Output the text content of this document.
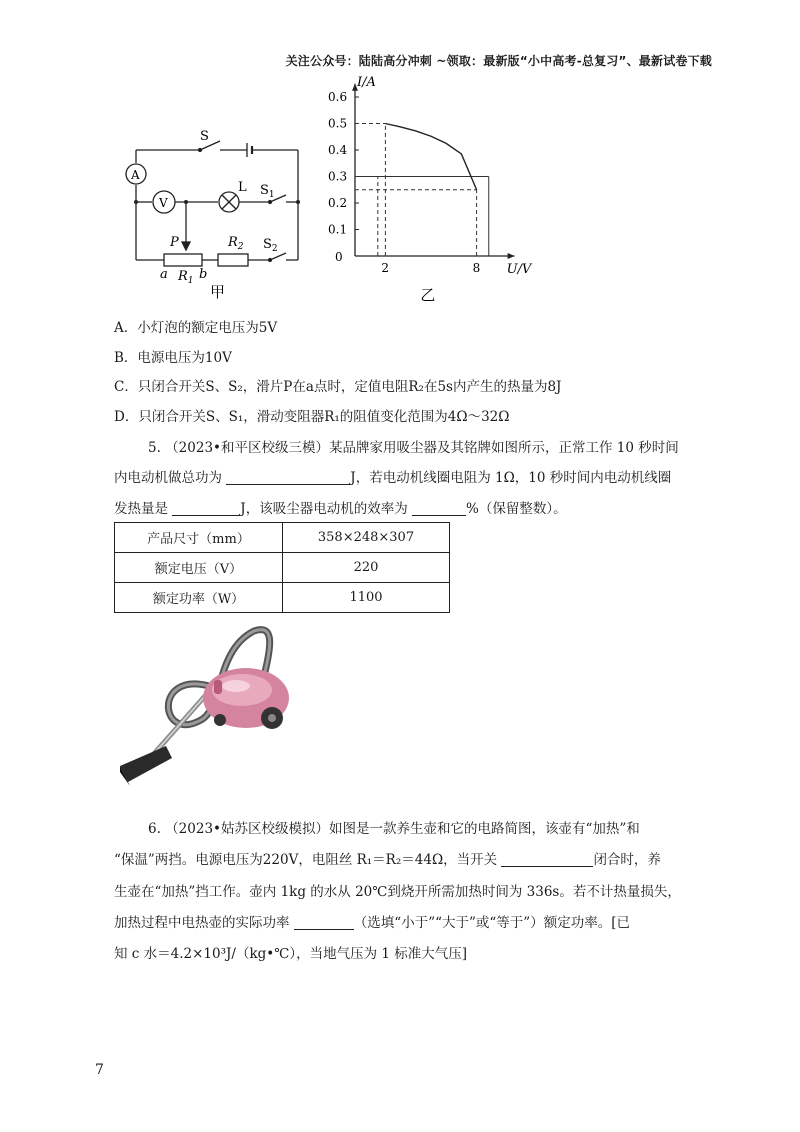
关注公众号：陆陆高分冲刺 ~领取：最新版“小中高考-总复习”、最新试卷下载
S
A
V
L $S_1$
P	$R_2$ $S_2$
a $R_1$ b
甲
0.6
0.5
0.4
0.3
0.2
0.1
2	8
0
I/A
U/V
乙
A．小灯泡的额定电压为5V
B．电源电压为10V
C．只闭合开关S、S₂，滑片P在a点时，定值电阻R₂在5s内产生的热量为8J
D．只闭合开关S、S₁，滑动变阻器R₁的阻值变化范围为4Ω～32Ω
5. （2023•和平区校级三模）某品牌家用吸尘器及其铭牌如图所示，正常工作 10 秒时间
内电动机做总功为	J，若电动机线圈电阻为 1Ω，10 秒时间内电动机线圈
发热量是	J，该吸尘器电动机的效率为	%（保留整数）。
产品尺寸（mm）	358×248×307
额定电压（V）	220
额定功率（W）	1100
6. （2023•姑苏区校级模拟）如图是一款养生壶和它的电路简图，该壶有“加热”和
“保温”两挡。电源电压为220V，电阻丝 R₁＝R₂＝44Ω，当开关	闭合时，养
生壶在“加热”挡工作。壶内 1kg 的水从 20℃到烧开所需加热时间为 336s。若不计热量损失，
加热过程中电热壶的实际功率	（选填“小于”“大于”或“等于”）额定功率。[已
知 c 水＝4.2×10³J/（kg•℃），当地气压为 1 标准大气压]
7
